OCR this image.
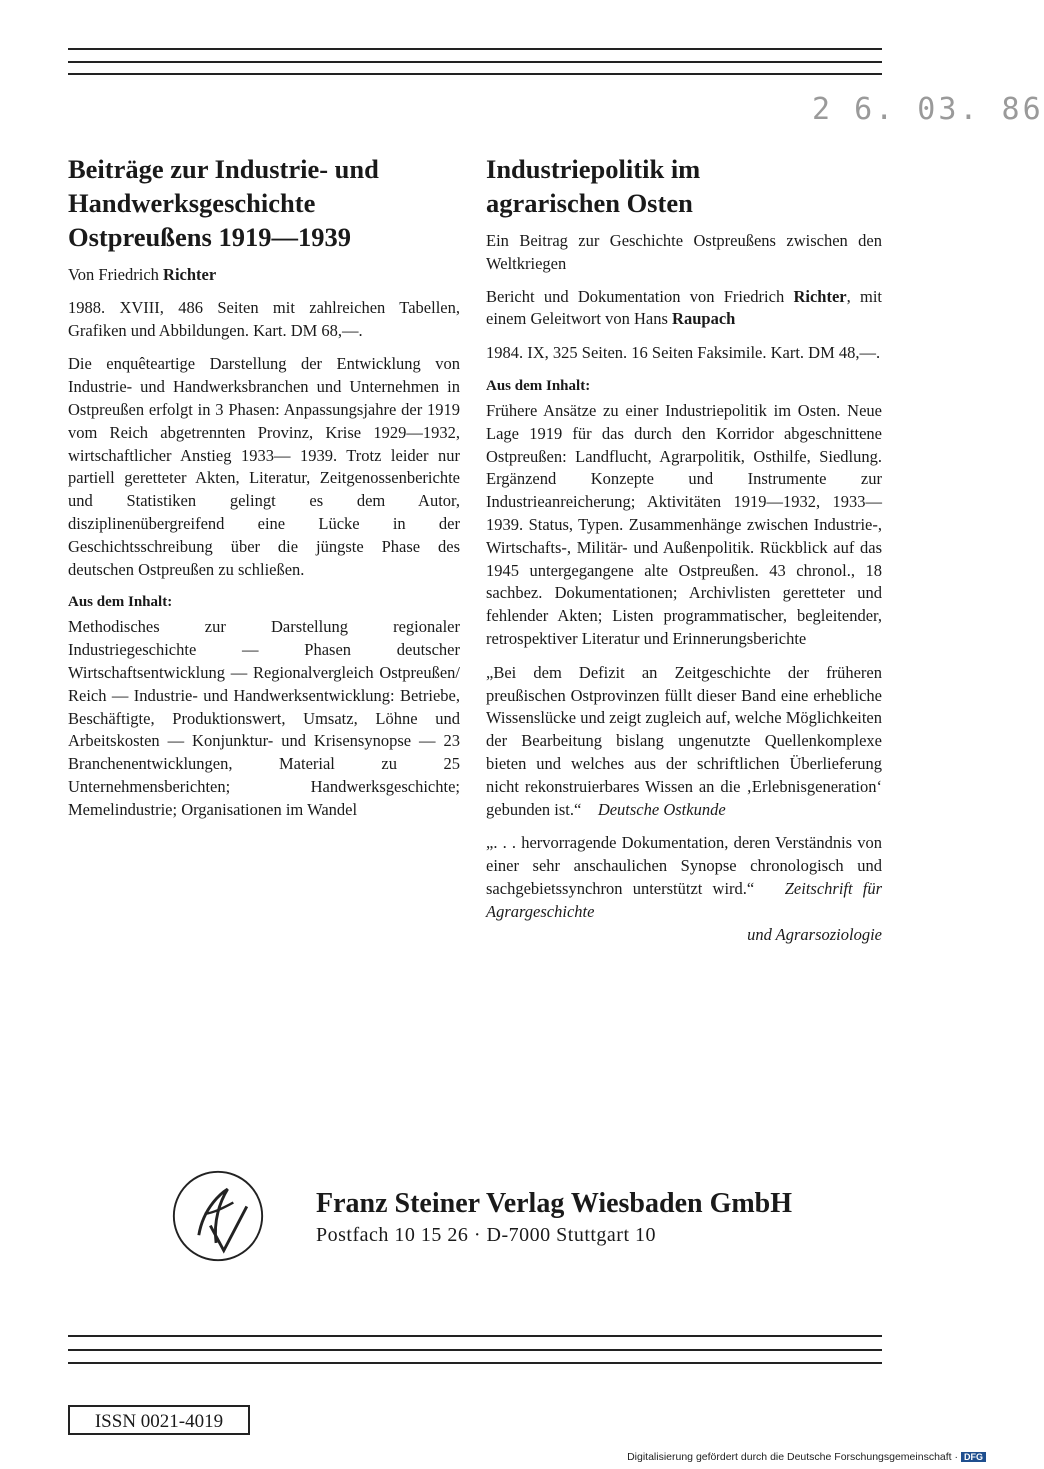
2 6. 03. 86
Beiträge zur Industrie- und
Handwerksgeschichte
Ostpreußens 1919—1939

Von Friedrich Richter

1988. XVIII, 486 Seiten mit zahlreichen Tabellen, Grafiken und Abbildungen. Kart. DM 68,—.

Die enquêteartige Darstellung der Entwicklung von Industrie- und Handwerksbranchen und Unternehmen in Ostpreußen erfolgt in 3 Phasen: Anpassungsjahre der 1919 vom Reich abgetrennten Provinz, Krise 1929—1932, wirtschaftlicher Anstieg 1933— 1939. Trotz leider nur partiell geretteter Akten, Literatur, Zeitgenossenberichte und Statistiken gelingt es dem Autor, disziplinenübergreifend eine Lücke in der Geschichtsschreibung über die jüngste Phase des deutschen Ostpreußen zu schließen.

Aus dem Inhalt:

Methodisches zur Darstellung regionaler Industriegeschichte — Phasen deutscher Wirtschaftsentwicklung — Regionalvergleich Ostpreußen/ Reich — Industrie- und Handwerksentwicklung: Betriebe, Beschäftigte, Produktionswert, Umsatz, Löhne und Arbeitskosten — Konjunktur- und Krisensynopse — 23 Branchenentwicklungen, Material zu 25 Unternehmensberichten; Handwerksgeschichte; Memelindustrie; Organisationen im Wandel

Industriepolitik im
agrarischen Osten

Ein Beitrag zur Geschichte Ostpreußens zwischen den Weltkriegen

Bericht und Dokumentation von Friedrich Richter, mit einem Geleitwort von Hans Raupach

1984. IX, 325 Seiten. 16 Seiten Faksimile. Kart. DM 48,—.

Aus dem Inhalt:

Frühere Ansätze zu einer Industriepolitik im Osten. Neue Lage 1919 für das durch den Korridor abgeschnittene Ostpreußen: Landflucht, Agrarpolitik, Osthilfe, Siedlung. Ergänzend Konzepte und Instrumente zur Industrieanreicherung; Aktivitäten 1919—1932, 1933—1939. Status, Typen. Zusammenhänge zwischen Industrie-, Wirtschafts-, Militär- und Außenpolitik. Rückblick auf das 1945 untergegangene alte Ostpreußen. 43 chronol., 18 sachbez. Dokumentationen; Archivlisten geretteter und fehlender Akten; Listen programmatischer, begleitender, retrospektiver Literatur und Erinnerungsberichte

„Bei dem Defizit an Zeitgeschichte der früheren preußischen Ostprovinzen füllt dieser Band eine erhebliche Wissenslücke und zeigt zugleich auf, welche Möglichkeiten der Bearbeitung bislang ungenutzte Quellenkomplexe bieten und welches aus der schriftlichen Überlieferung nicht rekonstruierbares Wissen an die ‚Erlebnisgeneration‘ gebunden ist.“ Deutsche Ostkunde

„. . . hervorragende Dokumentation, deren Verständnis von einer sehr anschaulichen Synopse chronologisch und sachgebietssynchron unterstützt wird.“ Zeitschrift für Agrargeschichte
und Agrarsoziologie

Franz Steiner Verlag Wiesbaden GmbH
Postfach 10 15 26 · D-7000 Stuttgart 10
ISSN 0021-4019
Digitalisierung gefördert durch die Deutsche Forschungsgemeinschaft · DFG
